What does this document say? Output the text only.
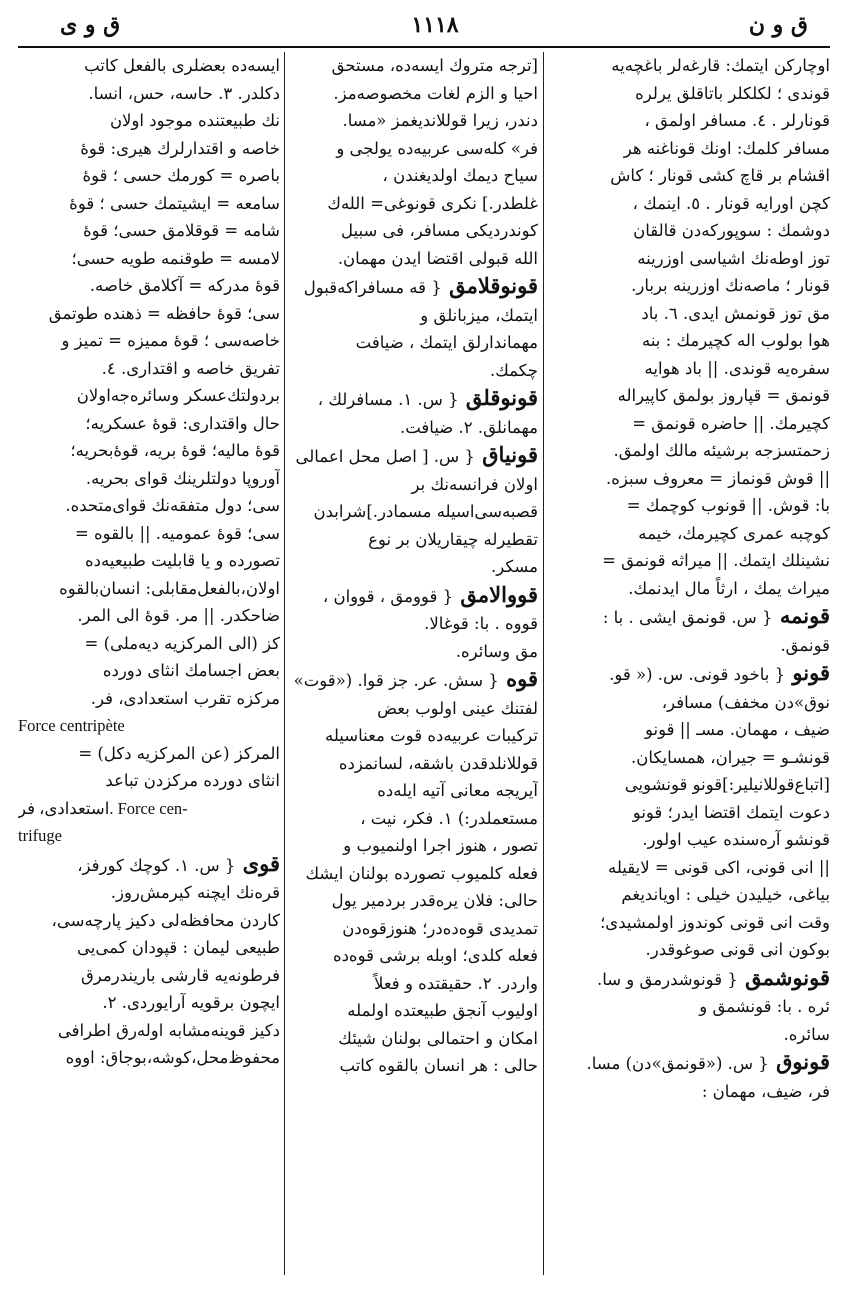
ق و ن
١١١٨
ق و ى
اوچاركن ايتمك: قارغەلر باغچەيە
قوندى ؛ لكلكلر باتاقلق يرلرە
قونارلر . ٤. مسافر اولمق ،
مسافر كلمك: اونك قوناغنە هر
اقشام بر قاچ كشى قونار ؛ كاش
كچن اورايە قونار . ٥. اينمك ،
دوشمك : سوپوركەدن قالقان
توز اوطەنك اشياسى اوزرينە
قونار ؛ ماصەنك اوزرينە بربار.
مق توز قونمش ايدى. ٦. باد
هوا بولوب الە كچيرمك : بنە
سفرەيە قوندى. || باد هوايە
قونمق = قپاروز بولمق كاپيرالە
كچيرمك. || حاضرە قونمق =
زحمتسزجە برشيئە مالك اولمق.
|| قوش قونماز = معروف سبزە.
با: قوش. || قونوب كوچمك =
كوچبە عمرى كچيرمك، خيمە
نشينلك ايتمك. || ميراثە قونمق =
ميراث يمك ، ارثاً مال ايدنمك.
قونمە { س. قونمق ايشى . با :
قونمق.
قونو { باخود قونى. س. (« قو.
نوق»دن مخفف) مسافر،
ضيف ، مهمان. مسـ || قونو
قونشـو = جيران، همسايكان.
[اتباع‌قوللانيلير:]قونو قونشويى
دعوت ايتمك اقتضا ايدر؛ قونو
قونشو آرەسندە عيب اولور.
|| انى قونى، اكى قونى = لايقيلە
بياغى، خيليدن خيلى : اويانديغم
وقت انى قونى كوندوز اولمشيدى؛
بوكون انى قونى صوغوقدر.
قونوشمق { قونوشدرمق و سا.
ئرە . با: قونشمق و
سائرە.
قونوق { س. («قونمق»دن) مسا.
فر، ضيف، مهمان :
[ترجە متروك ايسەدە، مستحق
احيا و الزم لغات مخصوصەمز.
دندر، زيرا قوللانديغمز «مسا.
فر» كلەسى عربيەدە يولجى و
سياح ديمك اولديغندن ،
غلطدر.] نكرى قونوغى= اللەك
كوندرديكى مسافر، فى سبيل
اللە قبولى اقتضا ايدن مهمان.
قونوقلامق { قە مسافر‌اكە‌قبول
ايتمك، ميزبانلق و
مهماندارلق ايتمك ، ضيافت
چكمك.
قونوقلق { س. ١. مسافرلك ،
مهمانلق. ٢. ضيافت.
قونياق { س. [ اصل محل اعمالى
اولان فرانسەنك بر
قصبەسى‌اسيلە مسمادر.]شرابدن
تقطيرلە چيقاريلان بر نوع
مسكر.
قووالامق { قوومق ، قووان ،
قووە . با: قوغالا.
مق وسائرە.
قوە { سش. عر. جز قوا. («قوت»
لفتنك عينى اولوب بعض
تركيبات عربيەدە قوت معناسيلە
قوللانلدقدن باشقە، لسانمزدە
آيريجە معانى آتيە ايلەدە
مستعملدر:) ١. فكر، نيت ،
تصور ، هنوز اجرا اولنميوب و
فعلە كلميوب تصوردە بولنان ايشك
حالى: فلان يرەقدر بردمير يول
تمديدى قوەدەدر؛ هنوزقوەدن
فعلە كلدى؛ اوبلە برشى قوەدە
واردر. ٢. حقيقتدە و فعلاً
اوليوب آنجق طبيعتدە اولملە
امكان و احتمالى بولنان شيئك
حالى : هر انسان بالقوە كاتب
ايسەدە بعضلرى بالفعل كاتب
دكلدر. ٣. حاسە، حس، انسا.
نك طبيعتندە موجود اولان
خاصە و اقتدارلرك هيرى: قوۀ
باصرە = كورمك حسى ؛ قوۀ
سامعە = ايشيتمك حسى ؛ قوۀ
شامە = قوقلامق حسى؛ قوۀ
لامسە = طوقنمە طويە حسى؛
قوۀ مدركە = آكلامق خاصە.
سى؛ قوۀ حافظە = ذهندە طوتمق
خاصەسى ؛ قوۀ مميزە = تميز و
تفريق خاصە و اقتدارى. ٤.
بردولتك‌عسكر وسائرەجەاولان
حال واقتدارى: قوۀ عسكريە؛
قوۀ ماليە؛ قوۀ بريە، قوۀبحريە؛
آوروپا دولتلرينك قواى بحريە.
سى؛ دول متفقەنك قواى‌متحدە.
سى؛ قوۀ عموميە. || بالقوە =
تصوردە و يا قابليت طبيعيەدە
اولان،بالفعل‌مقابلى: انسان‌بالقوە
ضاحكدر. || مر. قوۀ الى المر.
كز (الى المركزيە ديەملى) =
بعض اجسامك انثاى دوردە
مركزە تقرب استعدادى، فر.
Force centripète
المركز (عن المركزيە دكل) =
انثاى دوردە مركزدن تباعد
استعدادى، فر. Force cen-
trifuge
قوى { س. ١. كوچك كورفز،
قرەنك ايچنە كيرمش‌روز.
كاردن محافظەلى دكيز پارچەسى،
طبيعى ليمان : قپودان كمى‌يى
فرطونەيە قارشى باريندرمرق
ايچون برقويە آرايوردى. ٢.
دكيز قوينەمشابە اولەرق اطرافى
محفوظ‌محل،كوشە،بوجاق: اووە
